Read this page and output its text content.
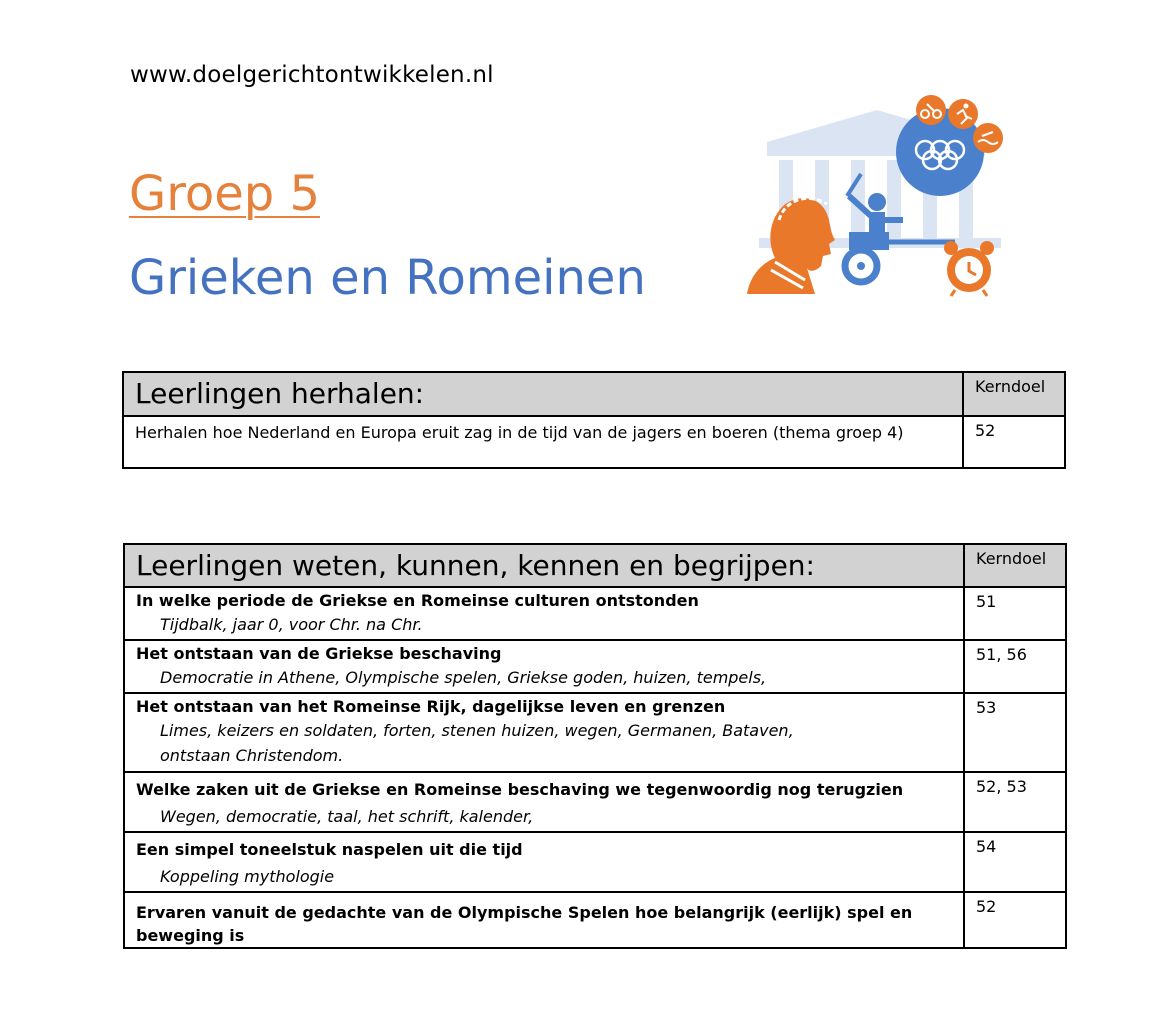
www.doelgerichtontwikkelen.nl
Groep 5
Grieken en Romeinen
Leerlingen herhalen:	Kerndoel

Herhalen hoe Nederland en Europa eruit zag in de tijd van de jagers en boeren (thema groep 4)	52
Leerlingen weten, kunnen, kennen en begrijpen:	Kerndoel

In welke periode de Griekse en Romeinse culturen ontstonden
Tijdbalk, jaar 0, voor Chr. na Chr.	51

Het ontstaan van de Griekse beschaving
Democratie in Athene, Olympische spelen, Griekse goden, huizen, tempels,	51, 56

Het ontstaan van het Romeinse Rijk, dagelijkse leven en grenzen
Limes, keizers en soldaten, forten, stenen huizen, wegen, Germanen, Bataven,
ontstaan Christendom.	53

Welke zaken uit de Griekse en Romeinse beschaving we tegenwoordig nog terugzien
Wegen, democratie, taal, het schrift, kalender,	52, 53

Een simpel toneelstuk naspelen uit die tijd
Koppeling mythologie	54

Ervaren vanuit de gedachte van de Olympische Spelen hoe belangrijk (eerlijk) spel en
beweging is	52
